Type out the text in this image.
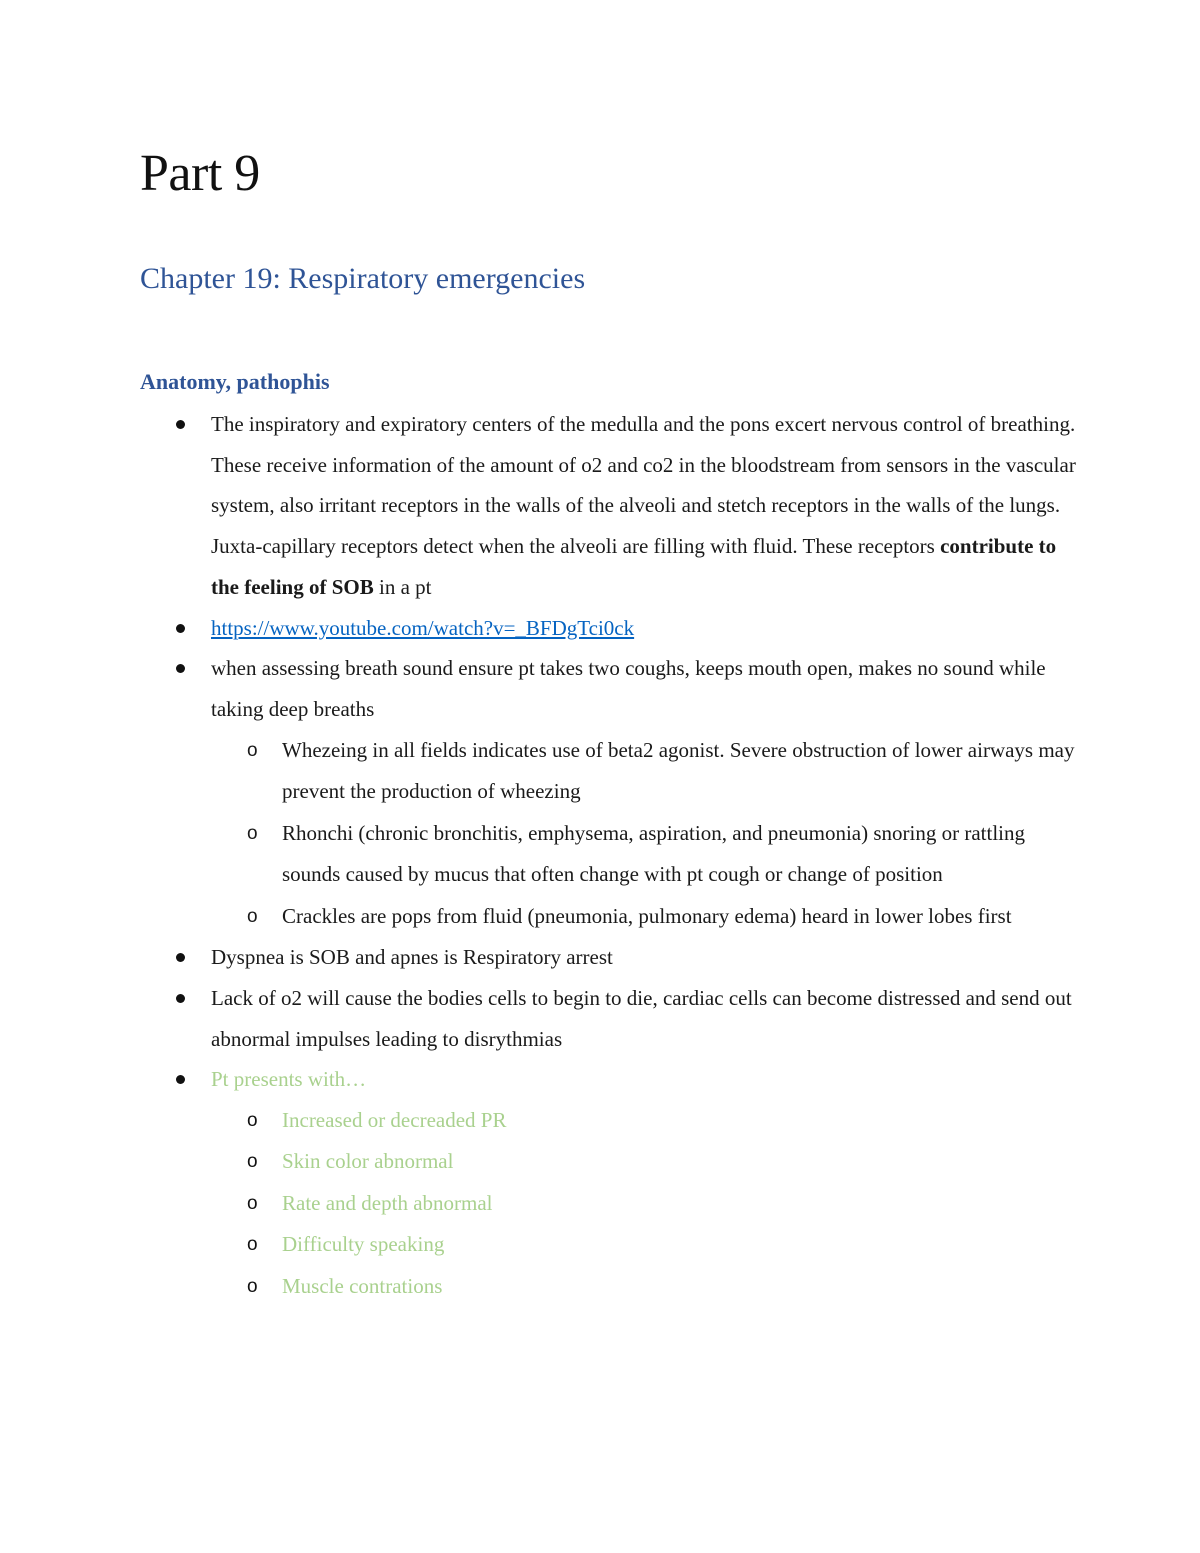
Part 9
Chapter 19: Respiratory emergencies
Anatomy, pathophis
The inspiratory and expiratory centers of the medulla and the pons excert nervous control of breathing. These receive information of the amount of o2 and co2 in the bloodstream from sensors in the vascular system, also irritant receptors in the walls of the alveoli and stetch receptors in the walls of the lungs. Juxta-capillary receptors detect when the alveoli are filling with fluid. These receptors contribute to the feeling of SOB in a pt
https://www.youtube.com/watch?v=_BFDgTci0ck
when assessing breath sound ensure pt takes two coughs, keeps mouth open, makes no sound while taking deep breaths
o Whezeing in all fields indicates use of beta2 agonist. Severe obstruction of lower airways may prevent the production of wheezing
o Rhonchi (chronic bronchitis, emphysema, aspiration, and pneumonia) snoring or rattling sounds caused by mucus that often change with pt cough or change of position
o Crackles are pops from fluid (pneumonia, pulmonary edema) heard in lower lobes first
Dyspnea is SOB and apnes is Respiratory arrest
Lack of o2 will cause the bodies cells to begin to die, cardiac cells can become distressed and send out abnormal impulses leading to disrythmias
Pt presents with…
o Increased or decreaded PR
o Skin color abnormal
o Rate and depth abnormal
o Difficulty speaking
o Muscle contrations
